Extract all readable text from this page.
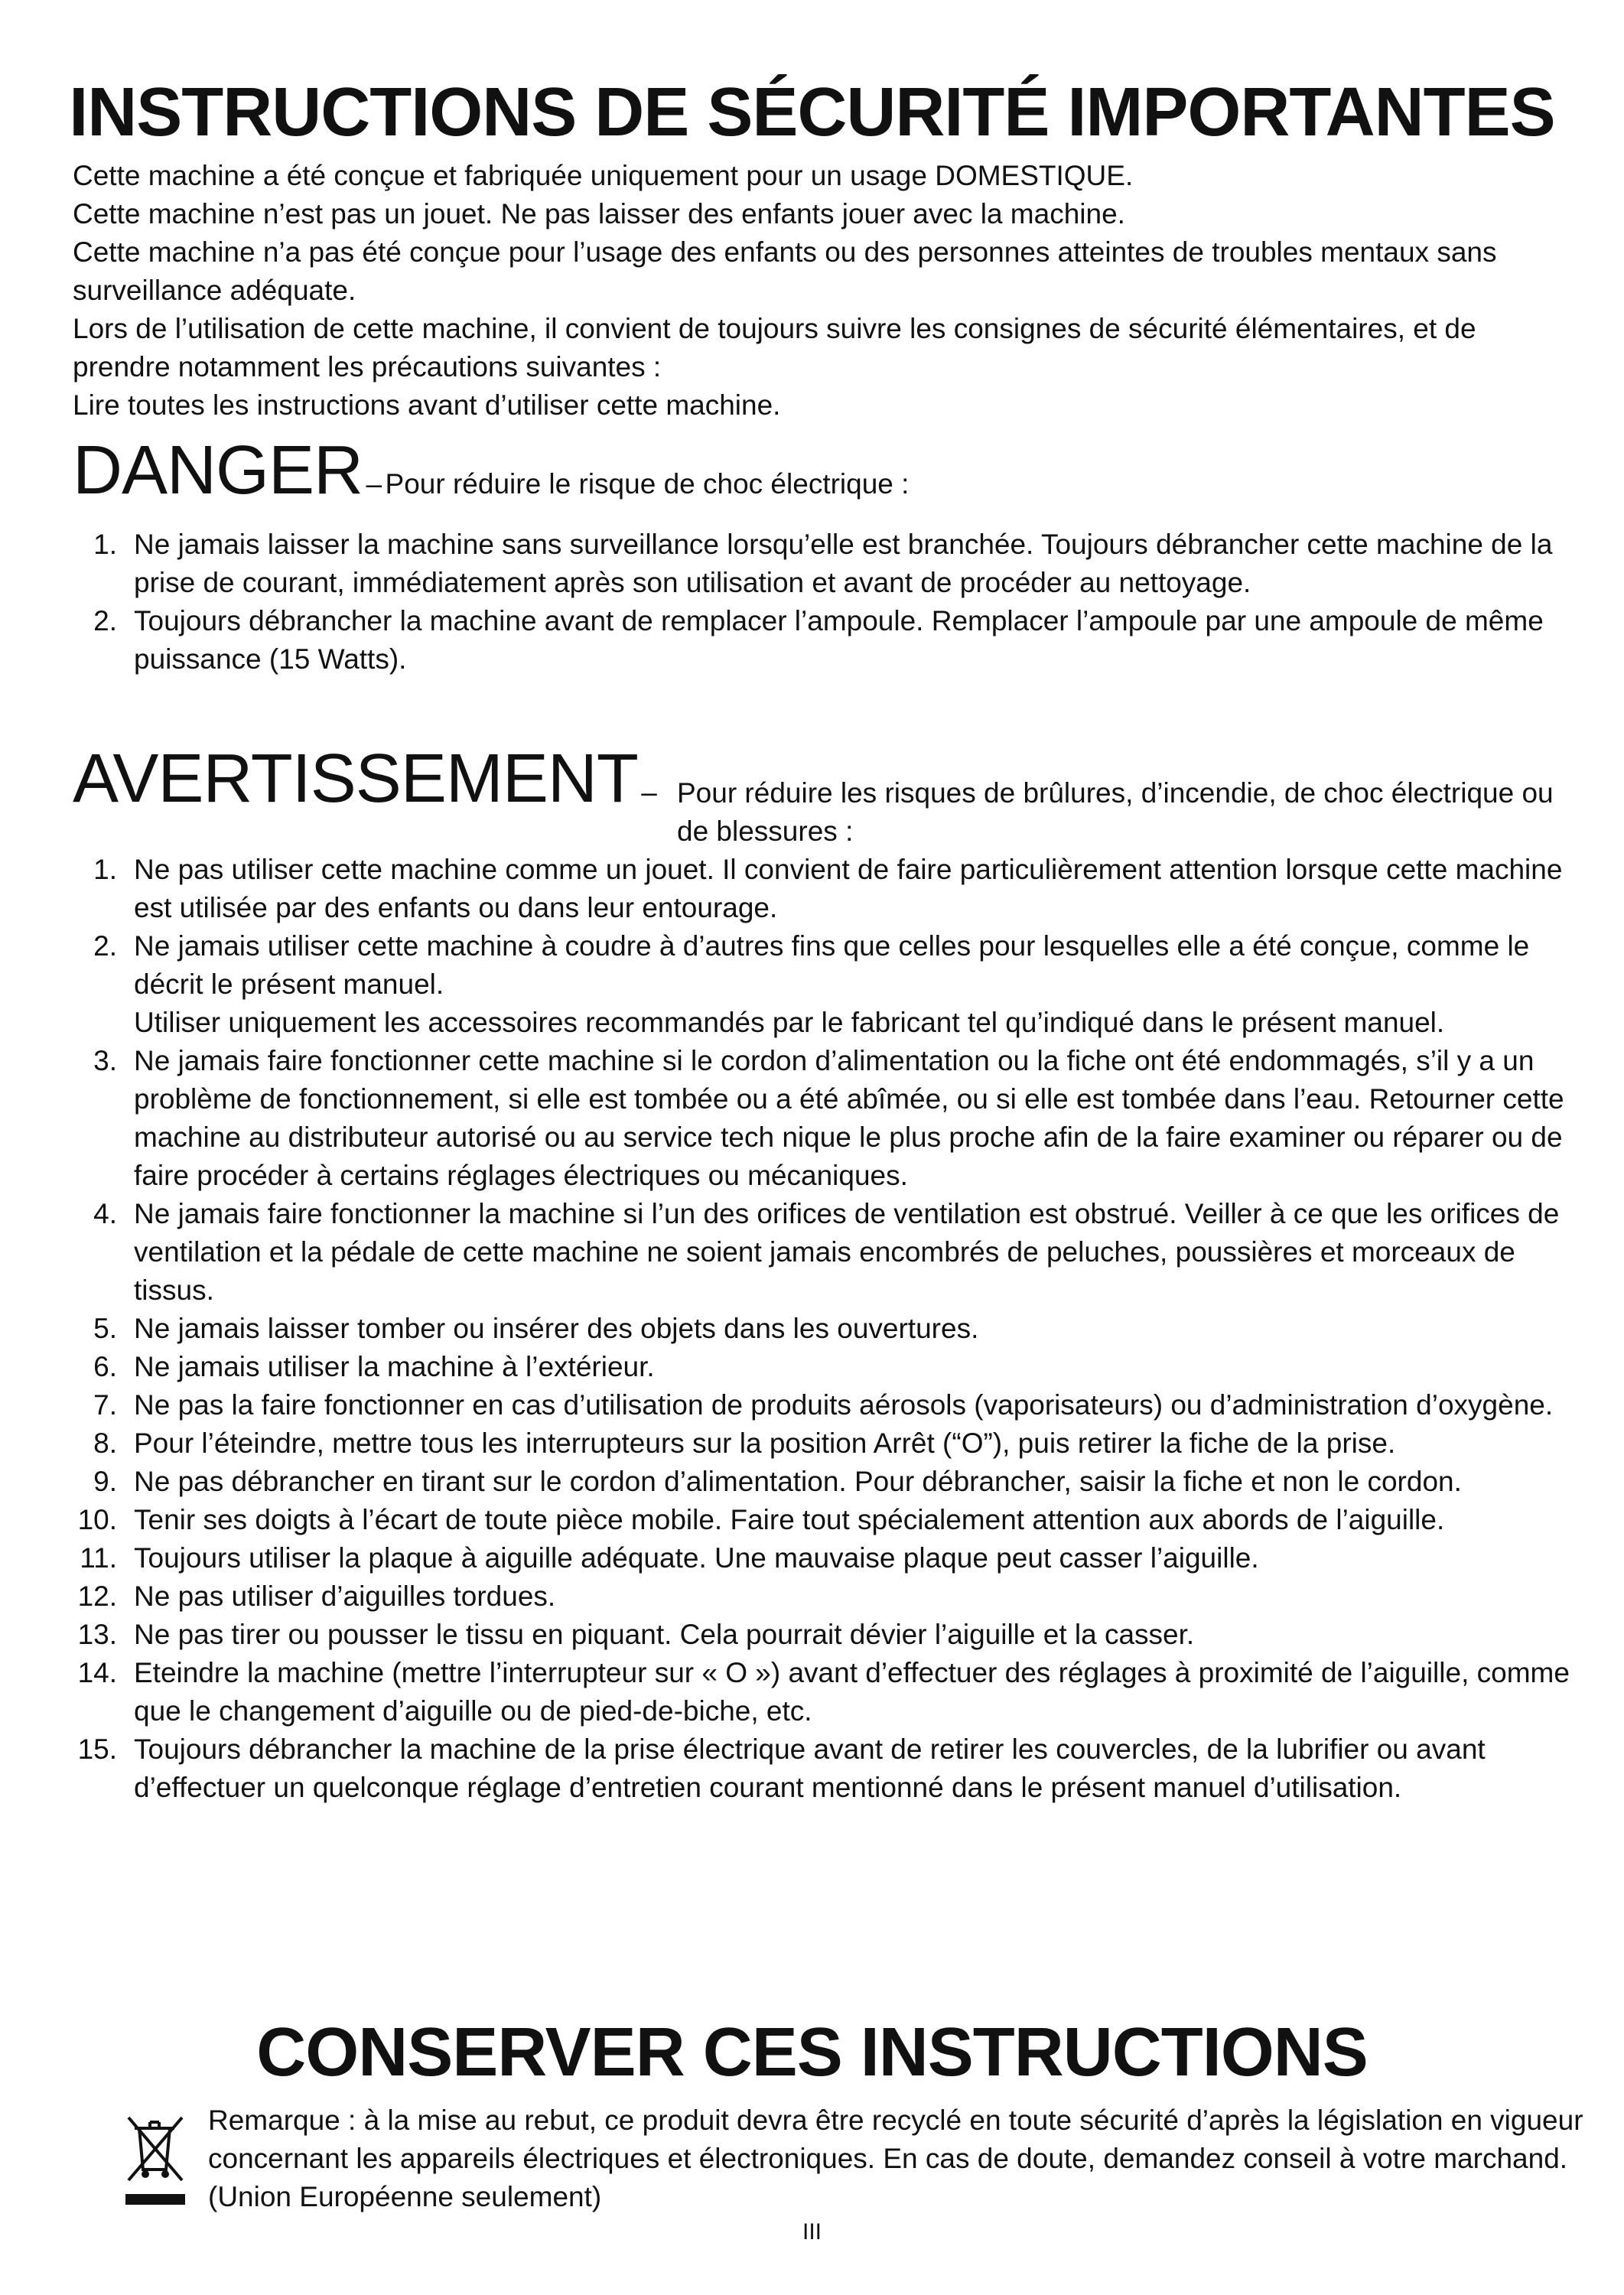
INSTRUCTIONS DE SÉCURITÉ IMPORTANTES

Cette machine a été conçue et fabriquée uniquement pour un usage DOMESTIQUE.

Cette machine n’est pas un jouet. Ne pas laisser des enfants jouer avec la machine.

Cette machine n’a pas été conçue pour l’usage des enfants ou des personnes atteintes de troubles mentaux sans surveillance adéquate.

Lors de l’utilisation de cette machine, il convient de toujours suivre les consignes de sécurité élémentaires, et de prendre notamment les précautions suivantes :

Lire toutes les instructions avant d’utiliser cette machine.

DANGER – Pour réduire le risque de choc électrique :
1. Ne jamais laisser la machine sans surveillance lorsqu’elle est branchée. Toujours débrancher cette machine de la prise de courant, immédiatement après son utilisation et avant de procéder au nettoyage.
2. Toujours débrancher la machine avant de remplacer l’ampoule. Remplacer l’ampoule par une ampoule de même puissance (15 Watts).
AVERTISSEMENT – Pour réduire les risques de brûlures, d’incendie, de choc électrique ou de blessures :
1. Ne pas utiliser cette machine comme un jouet. Il convient de faire particulièrement attention lorsque cette machine est utilisée par des enfants ou dans leur entourage.
2. Ne jamais utiliser cette machine à coudre à d’autres fins que celles pour lesquelles elle a été conçue, comme le décrit le présent manuel.
Utiliser uniquement les accessoires recommandés par le fabricant tel qu’indiqué dans le présent manuel.
3. Ne jamais faire fonctionner cette machine si le cordon d’alimentation ou la fiche ont été endommagés, s’il y a un problème de fonctionnement, si elle est tombée ou a été abîmée, ou si elle est tombée dans l’eau. Retourner cette machine au distributeur autorisé ou au service tech nique le plus proche afin de la faire examiner ou réparer ou de faire procéder à certains réglages électriques ou mécaniques.
4. Ne jamais faire fonctionner la machine si l’un des orifices de ventilation est obstrué. Veiller à ce que les orifices de ventilation et la pédale de cette machine ne soient jamais encombrés de peluches, poussières et morceaux de tissus.
5. Ne jamais laisser tomber ou insérer des objets dans les ouvertures.
6. Ne jamais utiliser la machine à l’extérieur.
7. Ne pas la faire fonctionner en cas d’utilisation de produits aérosols (vaporisateurs) ou d’administration d’oxygène.
8. Pour l’éteindre, mettre tous les interrupteurs sur la position Arrêt (“O”), puis retirer la fiche de la prise.
9. Ne pas débrancher en tirant sur le cordon d’alimentation. Pour débrancher, saisir la fiche et non le cordon.
10. Tenir ses doigts à l’écart de toute pièce mobile. Faire tout spécialement attention aux abords de l’aiguille.
11. Toujours utiliser la plaque à aiguille adéquate. Une mauvaise plaque peut casser l’aiguille.
12. Ne pas utiliser d’aiguilles tordues.
13. Ne pas tirer ou pousser le tissu en piquant. Cela pourrait dévier l’aiguille et la casser.
14. Eteindre la machine (mettre l’interrupteur sur « O ») avant d’effectuer des réglages à proximité de l’aiguille, comme que le changement d’aiguille ou de pied-de-biche, etc.
15. Toujours débrancher la machine de la prise électrique avant de retirer les couvercles, de la lubrifier ou avant d’effectuer un quelconque réglage d’entretien courant mentionné dans le présent manuel d’utilisation.
CONSERVER CES INSTRUCTIONS
Remarque : à la mise au rebut, ce produit devra être recyclé en toute sécurité d’après la législation en vigueur concernant les appareils électriques et électroniques. En cas de doute, demandez conseil à votre marchand. (Union Européenne seulement)
III
